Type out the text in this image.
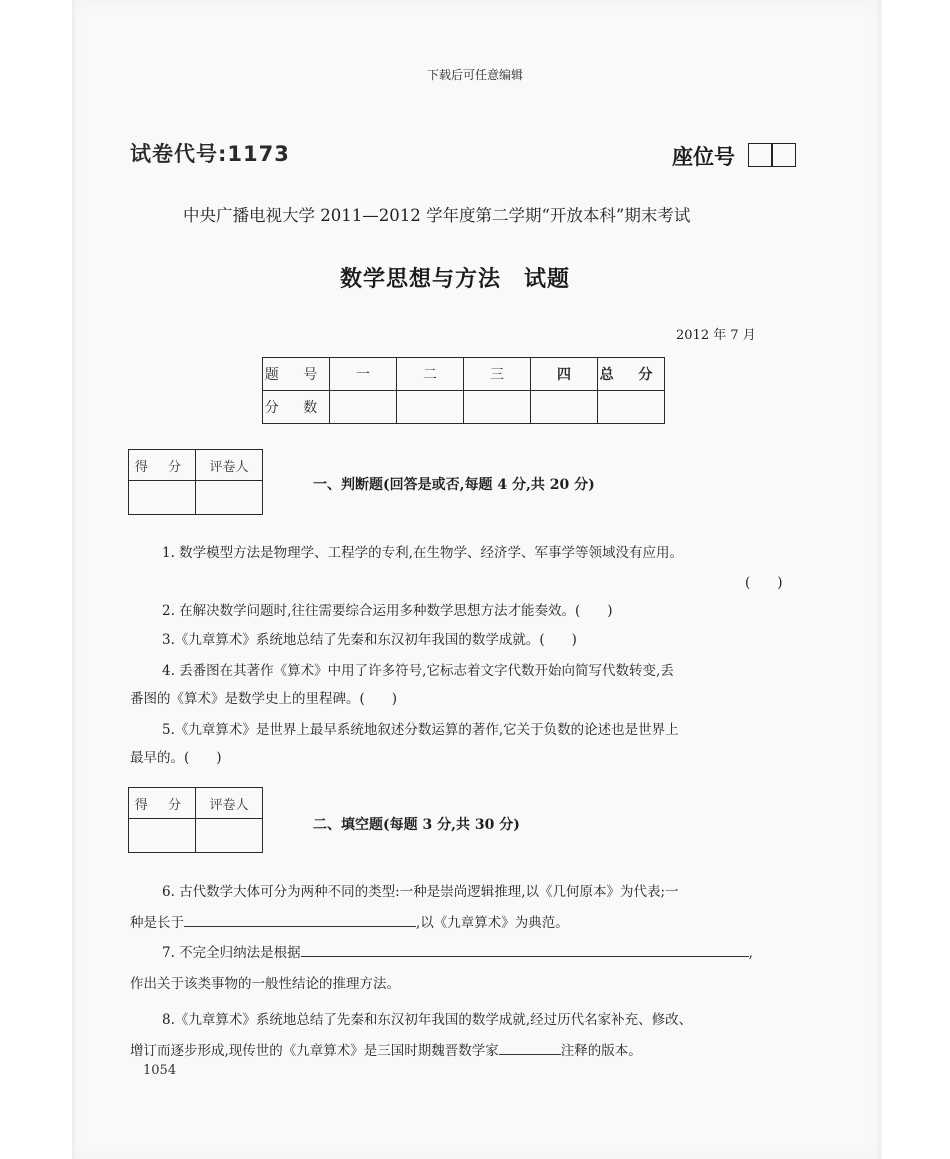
下载后可任意编辑
试卷代号:1173	座位号
中央广播电视大学 2011—2012 学年度第二学期“开放本科”期末考试
数学思想与方法　试题
2012 年 7 月
题 号	一	二	三	四	总 分
分 数					
得 分	评卷人

一、判断题(回答是或否,每题 4 分,共 20 分)
1. 数学模型方法是物理学、工程学的专利,在生物学、经济学、军事学等领域没有应用。
(　　)
2. 在解决数学问题时,往往需要综合运用多种数学思想方法才能奏效。(　　)
3.《九章算术》系统地总结了先秦和东汉初年我国的数学成就。(　　)
4. 丢番图在其著作《算术》中用了许多符号,它标志着文字代数开始向简写代数转变,丢
番图的《算术》是数学史上的里程碑。(　　)
5.《九章算术》是世界上最早系统地叙述分数运算的著作,它关于负数的论述也是世界上
最早的。(　　)
得 分	评卷人

二、填空题(每题 3 分,共 30 分)
6. 古代数学大体可分为两种不同的类型:一种是崇尚逻辑推理,以《几何原本》为代表;一
种是长于	,以《九章算术》为典范。
7. 不完全归纳法是根据	,
作出关于该类事物的一般性结论的推理方法。
8.《九章算术》系统地总结了先秦和东汉初年我国的数学成就,经过历代名家补充、修改、
增订而逐步形成,现传世的《九章算术》是三国时期魏晋数学家	注释的版本。
1054
